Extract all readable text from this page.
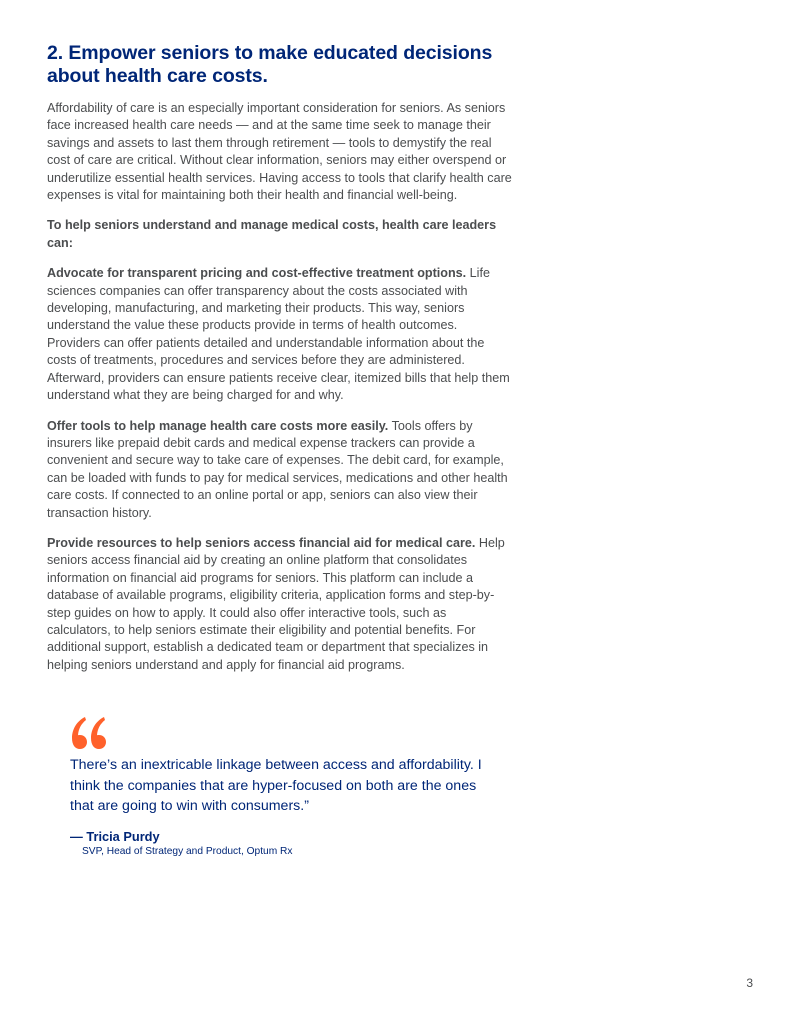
2. Empower seniors to make educated decisions about health care costs.

Affordability of care is an especially important consideration for seniors. As seniors face increased health care needs — and at the same time seek to manage their savings and assets to last them through retirement — tools to demystify the real cost of care are critical. Without clear information, seniors may either overspend or underutilize essential health services. Having access to tools that clarify health care expenses is vital for maintaining both their health and financial well-being.

To help seniors understand and manage medical costs, health care leaders can:

Advocate for transparent pricing and cost-effective treatment options. Life sciences companies can offer transparency about the costs associated with developing, manufacturing, and marketing their products. This way, seniors understand the value these products provide in terms of health outcomes. Providers can offer patients detailed and understandable information about the costs of treatments, procedures and services before they are administered. Afterward, providers can ensure patients receive clear, itemized bills that help them understand what they are being charged for and why.

Offer tools to help manage health care costs more easily. Tools offers by insurers like prepaid debit cards and medical expense trackers can provide a convenient and secure way to take care of expenses. The debit card, for example, can be loaded with funds to pay for medical services, medications and other health care costs. If connected to an online portal or app, seniors can also view their transaction history.

Provide resources to help seniors access financial aid for medical care. Help seniors access financial aid by creating an online platform that consolidates information on financial aid programs for seniors. This platform can include a database of available programs, eligibility criteria, application forms and step-by-step guides on how to apply. It could also offer interactive tools, such as calculators, to help seniors estimate their eligibility and potential benefits. For additional support, establish a dedicated team or department that specializes in helping seniors understand and apply for financial aid programs.

There’s an inextricable linkage between access and affordability. I think the companies that are hyper-focused on both are the ones that are going to win with consumers.”

— Tricia Purdy

SVP, Head of Strategy and Product, Optum Rx

3
